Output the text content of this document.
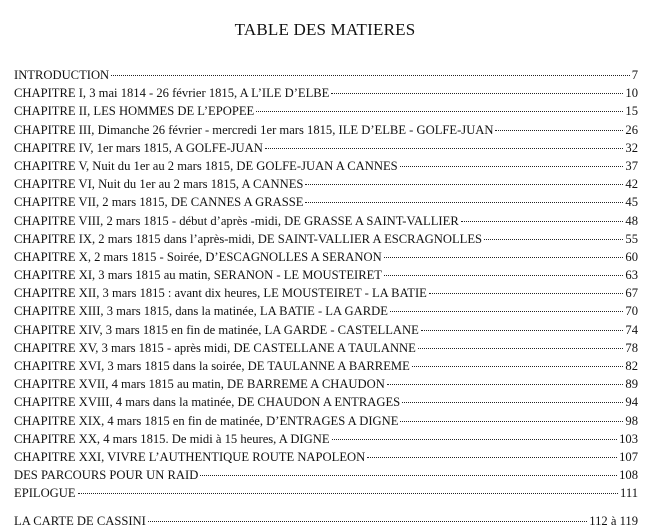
TABLE DES MATIERES
INTRODUCTION	7
CHAPITRE I, 3 mai 1814 - 26 février 1815, A L’ILE D’ELBE	10
CHAPITRE II, LES HOMMES DE L’EPOPEE	15
CHAPITRE III, Dimanche 26 février - mercredi 1er mars 1815, ILE D’ELBE - GOLFE-JUAN	26
CHAPITRE IV, 1er mars 1815, A GOLFE-JUAN	32
CHAPITRE V, Nuit du 1er au 2 mars 1815, DE GOLFE-JUAN A CANNES	37
CHAPITRE VI, Nuit du 1er au 2 mars 1815, A CANNES	42
CHAPITRE VII, 2 mars 1815, DE CANNES A GRASSE	45
CHAPITRE VIII, 2 mars 1815 - début d’après -midi, DE GRASSE A SAINT-VALLIER	48
CHAPITRE IX, 2 mars 1815 dans l’après-midi, DE SAINT-VALLIER A ESCRAGNOLLES	55
CHAPITRE X, 2 mars 1815 - Soirée, D’ESCAGNOLLES A SERANON	60
CHAPITRE XI, 3 mars 1815 au matin, SERANON - LE MOUSTEIRET	63
CHAPITRE XII, 3 mars 1815 : avant dix heures, LE MOUSTEIRET - LA BATIE	67
CHAPITRE XIII, 3 mars 1815, dans la matinée, LA BATIE - LA GARDE	70
CHAPITRE XIV, 3 mars 1815 en fin de matinée, LA GARDE - CASTELLANE	74
CHAPITRE XV, 3 mars 1815 - après midi, DE CASTELLANE A TAULANNE	78
CHAPITRE XVI, 3 mars 1815 dans la soirée, DE TAULANNE A BARREME	82
CHAPITRE XVII, 4 mars 1815 au matin, DE BARREME A CHAUDON	89
CHAPITRE XVIII, 4 mars dans la matinée, DE CHAUDON A ENTRAGES	94
CHAPITRE XIX, 4 mars 1815 en fin de matinée, D’ENTRAGES A DIGNE	98
CHAPITRE XX, 4 mars 1815. De midi à 15 heures, A DIGNE	103
CHAPITRE XXI, VIVRE L’AUTHENTIQUE ROUTE NAPOLEON	107
DES PARCOURS POUR UN RAID	108
EPILOGUE	111
LA CARTE DE CASSINI	112 à 119
